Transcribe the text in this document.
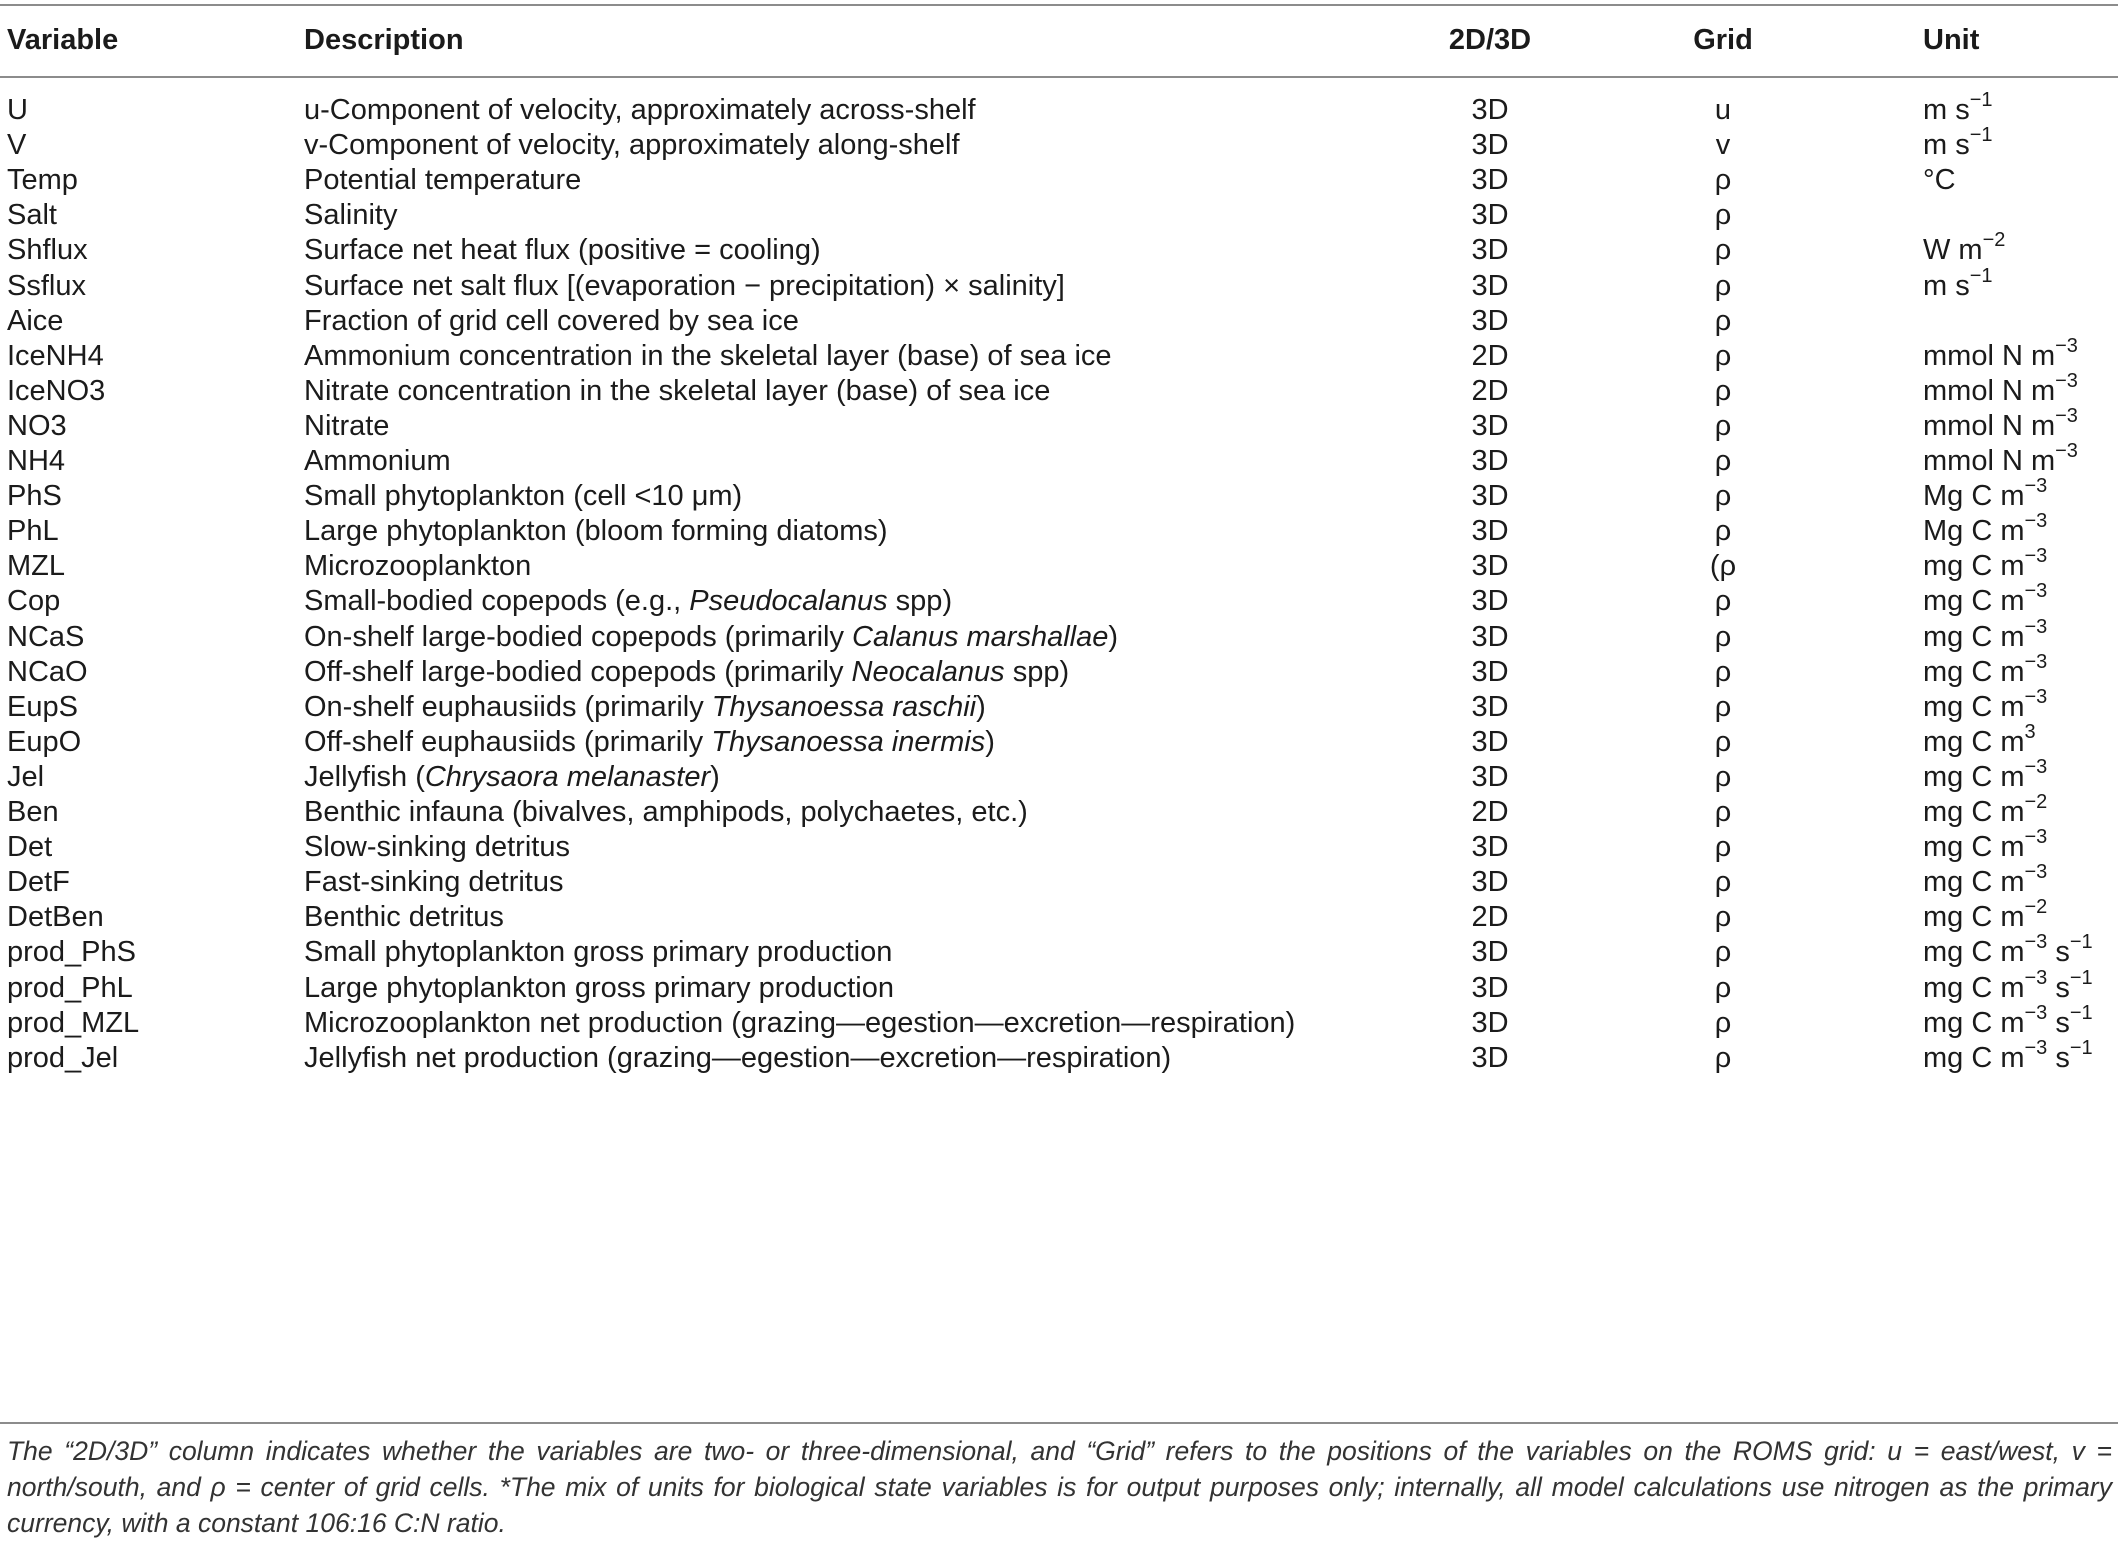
Variable	Description	2D/3D	Grid	Unit
U	u-Component of velocity, approximately across-shelf	3D	u	m $s^{-1}$
V	v-Component of velocity, approximately along-shelf	3D	v	m $s^{-1}$
Temp	Potential temperature	3D	ρ	°C
Salt	Salinity	3D	ρ
Shflux	Surface net heat flux (positive = cooling)	3D	ρ	W $m^{-2}$
Ssflux	Surface net salt flux [(evaporation − precipitation) × salinity]	3D	ρ	m $s^{-1}$
Aice	Fraction of grid cell covered by sea ice	3D	ρ
IceNH4	Ammonium concentration in the skeletal layer (base) of sea ice	2D	ρ	mmol N $m^{-3}$
IceNO3	Nitrate concentration in the skeletal layer (base) of sea ice	2D	ρ	mmol N $m^{-3}$
NO3	Nitrate	3D	ρ	mmol N $m^{-3}$
NH4	Ammonium	3D	ρ	mmol N $m^{-3}$
PhS	Small phytoplankton (cell <10 μm)	3D	ρ	Mg C $m^{-3}$
PhL	Large phytoplankton (bloom forming diatoms)	3D	ρ	Mg C $m^{-3}$
MZL	Microzooplankton	3D	(ρ	mg C $m^{-3}$
Cop	Small-bodied copepods (e.g., Pseudocalanus spp)	3D	ρ	mg C $m^{-3}$
NCaS	On-shelf large-bodied copepods (primarily Calanus marshallae)	3D	ρ	mg C $m^{-3}$
NCaO	Off-shelf large-bodied copepods (primarily Neocalanus spp)	3D	ρ	mg C $m^{-3}$
EupS	On-shelf euphausiids (primarily Thysanoessa raschii)	3D	ρ	mg C $m^{-3}$
EupO	Off-shelf euphausiids (primarily Thysanoessa inermis)	3D	ρ	mg C $m^3$
Jel	Jellyfish (Chrysaora melanaster)	3D	ρ	mg C $m^{-3}$
Ben	Benthic infauna (bivalves, amphipods, polychaetes, etc.)	2D	ρ	mg C $m^{-2}$
Det	Slow-sinking detritus	3D	ρ	mg C $m^{-3}$
DetF	Fast-sinking detritus	3D	ρ	mg C $m^{-3}$
DetBen	Benthic detritus	2D	ρ	mg C $m^{-2}$
prod_PhS	Small phytoplankton gross primary production	3D	ρ	mg C $m^{-3}$ $s^{-1}$
prod_PhL	Large phytoplankton gross primary production	3D	ρ	mg C $m^{-3}$ $s^{-1}$
prod_MZL	Microzooplankton net production (grazing—egestion—excretion—respiration)	3D	ρ	mg C $m^{-3}$ $s^{-1}$
prod_Jel	Jellyfish net production (grazing—egestion—excretion—respiration)	3D	ρ	mg C $m^{-3}$ $s^{-1}$

The “2D/3D” column indicates whether the variables are two- or three-dimensional, and “Grid” refers to the positions of the variables on the ROMS grid: u = east/west, v = north/south, and ρ = center of grid cells. *The mix of units for biological state variables is for output purposes only; internally, all model calculations use nitrogen as the primary currency, with a constant 106:16 C:N ratio.
